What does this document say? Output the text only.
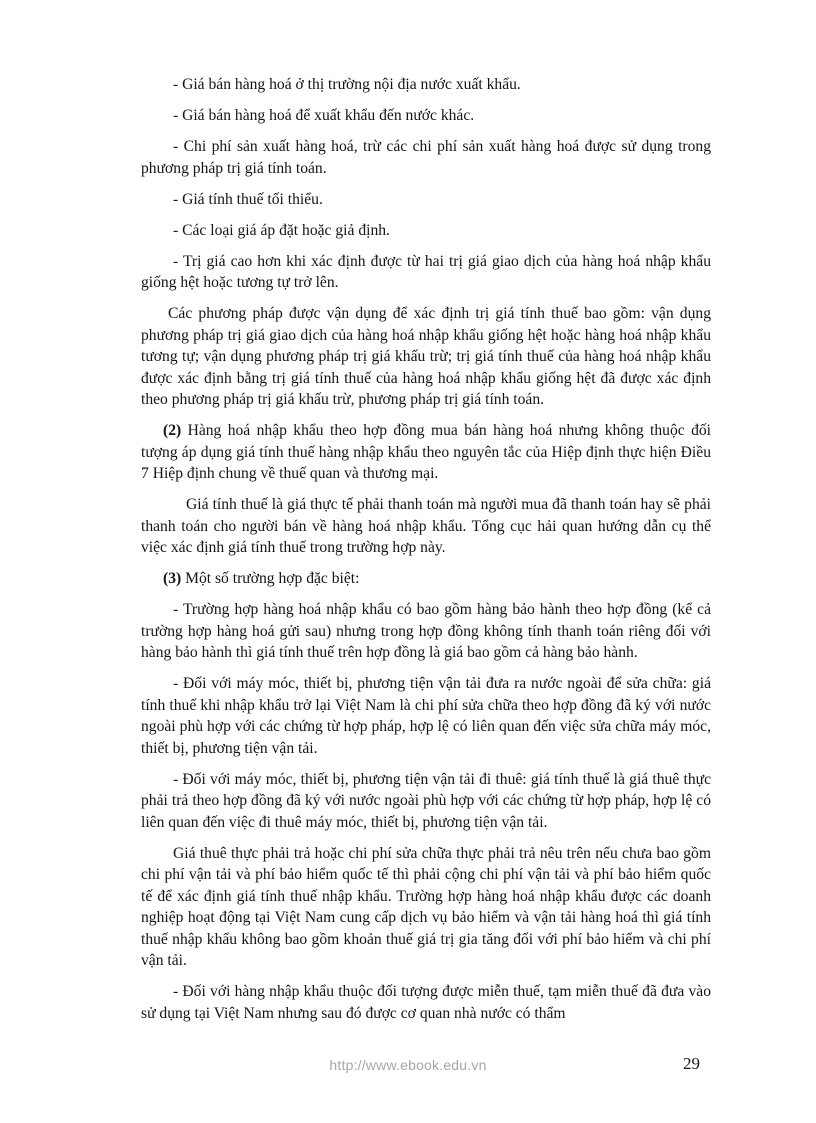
- Giá bán hàng hoá ở thị trường nội địa nước xuất khẩu.

- Giá bán hàng hoá để xuất khẩu đến nước khác.

- Chi phí sản xuất hàng hoá, trừ các chi phí sản xuất hàng hoá được sử dụng trong phương pháp trị giá tính toán.

- Giá tính thuế tối thiểu.

- Các loại giá áp đặt hoặc giả định.

- Trị giá cao hơn khi xác định được từ hai trị giá giao dịch của hàng hoá nhập khẩu giống hệt hoặc tương tự trở lên.

Các phương pháp được vận dụng để xác định trị giá tính thuế bao gồm: vận dụng phương pháp trị giá giao dịch của hàng hoá nhập khẩu giống hệt hoặc hàng hoá nhập khẩu tương tự; vận dụng phương pháp trị giá khấu trừ; trị giá tính thuế của hàng hoá nhập khẩu được xác định bằng trị giá tính thuế của hàng hoá nhập khẩu giống hệt đã được xác định theo phương pháp trị giá khấu trừ, phương pháp trị giá tính toán.

(2) Hàng hoá nhập khẩu theo hợp đồng mua bán hàng hoá nhưng không thuộc đối tượng áp dụng giá tính thuế hàng nhập khẩu theo nguyên tắc của Hiệp định thực hiện Điều 7 Hiệp định chung về thuế quan và thương mại.

Giá tính thuế là giá thực tế phải thanh toán mà người mua đã thanh toán hay sẽ phải thanh toán cho người bán về hàng hoá nhập khẩu. Tổng cục hải quan hướng dẫn cụ thể việc xác định giá tính thuế trong trường hợp này.

(3) Một số trường hợp đặc biệt:

- Trường hợp hàng hoá nhập khẩu có bao gồm hàng bảo hành theo hợp đồng (kể cả trường hợp hàng hoá gửi sau) nhưng trong hợp đồng không tính thanh toán riêng đối với hàng bảo hành thì giá tính thuế trên hợp đồng là giá bao gồm cả hàng bảo hành.

- Đối với máy móc, thiết bị, phương tiện vận tải đưa ra nước ngoài để sửa chữa: giá tính thuế khi nhập khẩu trở lại Việt Nam là chi phí sửa chữa theo hợp đồng đã ký với nước ngoài phù hợp với các chứng từ hợp pháp, hợp lệ có liên quan đến việc sửa chữa máy móc, thiết bị, phương tiện vận tải.

- Đối với máy móc, thiết bị, phương tiện vận tải đi thuê: giá tính thuế là giá thuê thực phải trả theo hợp đồng đã ký với nước ngoài phù hợp với các chứng từ hợp pháp, hợp lệ có liên quan đến việc đi thuê máy móc, thiết bị, phương tiện vận tải.

Giá thuê thực phải trả hoặc chi phí sửa chữa thực phải trả nêu trên nếu chưa bao gồm chi phí vận tải và phí bảo hiểm quốc tế thì phải cộng chi phí vận tải và phí bảo hiểm quốc tế để xác định giá tính thuế nhập khẩu. Trường hợp hàng hoá nhập khẩu được các doanh nghiệp hoạt động tại Việt Nam cung cấp dịch vụ bảo hiểm và vận tải hàng hoá thì giá tính thuế nhập khẩu không bao gồm khoản thuế giá trị gia tăng đối với phí bảo hiểm và chi phí vận tải.

- Đối với hàng nhập khẩu thuộc đối tượng được miễn thuế, tạm miễn thuế đã đưa vào sử dụng tại Việt Nam nhưng sau đó được cơ quan nhà nước có thẩm

http://www.ebook.edu.vn	29
